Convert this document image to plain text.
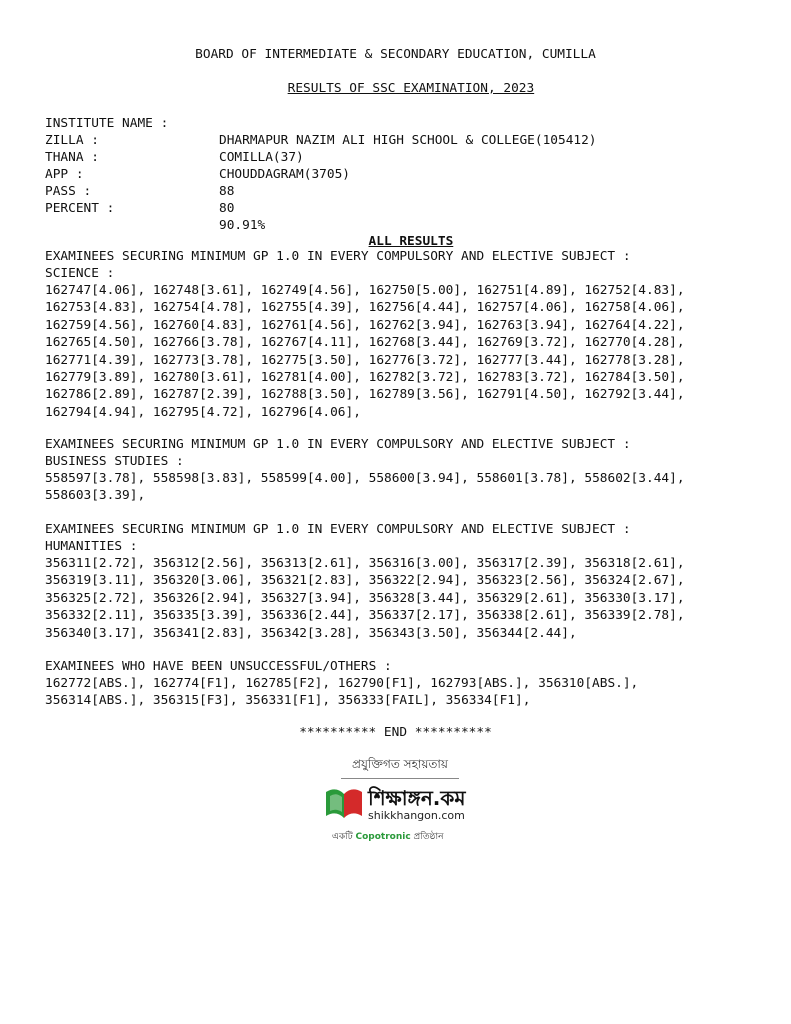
BOARD OF INTERMEDIATE & SECONDARY EDUCATION, CUMILLA

RESULTS OF SSC EXAMINATION, 2023

INSTITUTE NAME :

DHARMAPUR NAZIM ALI HIGH SCHOOL & COLLEGE(105412)

ZILLA :

COMILLA(37)

THANA :

CHOUDDAGRAM(3705)

APP :

88

PASS :

80

PERCENT :

90.91%

ALL RESULTS

EXAMINEES SECURING MINIMUM GP 1.0 IN EVERY COMPULSORY AND ELECTIVE SUBJECT :
SCIENCE :
162747[4.06], 162748[3.61], 162749[4.56], 162750[5.00], 162751[4.89], 162752[4.83],
162753[4.83], 162754[4.78], 162755[4.39], 162756[4.44], 162757[4.06], 162758[4.06],
162759[4.56], 162760[4.83], 162761[4.56], 162762[3.94], 162763[3.94], 162764[4.22],
162765[4.50], 162766[3.78], 162767[4.11], 162768[3.44], 162769[3.72], 162770[4.28],
162771[4.39], 162773[3.78], 162775[3.50], 162776[3.72], 162777[3.44], 162778[3.28],
162779[3.89], 162780[3.61], 162781[4.00], 162782[3.72], 162783[3.72], 162784[3.50],
162786[2.89], 162787[2.39], 162788[3.50], 162789[3.56], 162791[4.50], 162792[3.44],
162794[4.94], 162795[4.72], 162796[4.06],
EXAMINEES SECURING MINIMUM GP 1.0 IN EVERY COMPULSORY AND ELECTIVE SUBJECT :
BUSINESS STUDIES :
558597[3.78], 558598[3.83], 558599[4.00], 558600[3.94], 558601[3.78], 558602[3.44],
558603[3.39],
EXAMINEES SECURING MINIMUM GP 1.0 IN EVERY COMPULSORY AND ELECTIVE SUBJECT :
HUMANITIES :
356311[2.72], 356312[2.56], 356313[2.61], 356316[3.00], 356317[2.39], 356318[2.61],
356319[3.11], 356320[3.06], 356321[2.83], 356322[2.94], 356323[2.56], 356324[2.67],
356325[2.72], 356326[2.94], 356327[3.94], 356328[3.44], 356329[2.61], 356330[3.17],
356332[2.11], 356335[3.39], 356336[2.44], 356337[2.17], 356338[2.61], 356339[2.78],
356340[3.17], 356341[2.83], 356342[3.28], 356343[3.50], 356344[2.44],
EXAMINEES WHO HAVE BEEN UNSUCCESSFUL/OTHERS :
162772[ABS.], 162774[F1], 162785[F2], 162790[F1], 162793[ABS.], 356310[ABS.],
356314[ABS.], 356315[F3], 356331[F1], 356333[FAIL], 356334[F1],
********** END **********
প্রযুক্তিগত সহায়তায়
শিক্ষাঙ্গন.কম
shikkhangon.com
একটি Copotronic প্রতিষ্ঠান
